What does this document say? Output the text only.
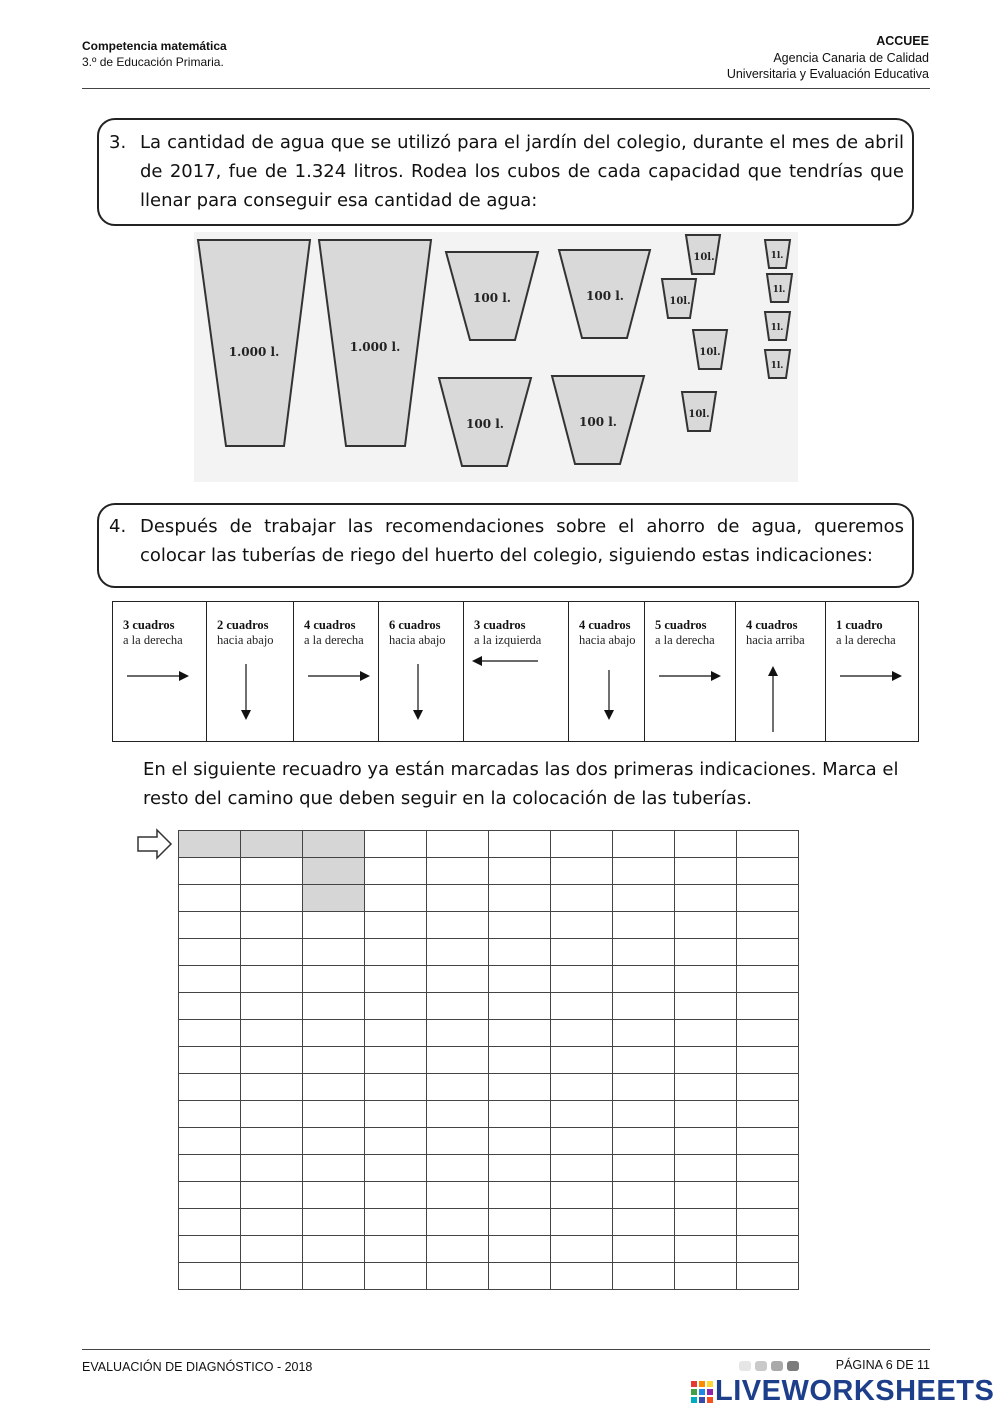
Competencia matemática
3.º de Educación Primaria.
ACCUEE
Agencia Canaria de Calidad
Universitaria y Evaluación Educativa
3. La cantidad de agua que se utilizó para el jardín del colegio, durante el mes de abril de 2017, fue de 1.324 litros. Rodea los cubos de cada capacidad que tendrías que llenar para conseguir esa cantidad de agua:
1.000 l.	1.000 l.
100 l.	100 l.
100 l.	100 l.
10l.
10l.
10l.
10l.
1l.
1l.
1l.
1l.
4. Después de trabajar las recomendaciones sobre el ahorro de agua, queremos colocar las tuberías de riego del huerto del colegio, siguiendo estas indicaciones:
3 cuadros
a la derecha

2 cuadros
hacia abajo

4 cuadros
a la derecha

6 cuadros
hacia abajo

3 cuadros
a la izquierda

4 cuadros
hacia abajo

5 cuadros
a la derecha

4 cuadros
hacia arriba

1 cuadro
a la derecha
En el siguiente recuadro ya están marcadas las dos primeras indicaciones. Marca el resto del camino que deben seguir en la colocación de las tuberías.

EVALUACIÓN DE DIAGNÓSTICO - 2018	PÁGINA 6 DE 11
LIVEWORKSHEETS
